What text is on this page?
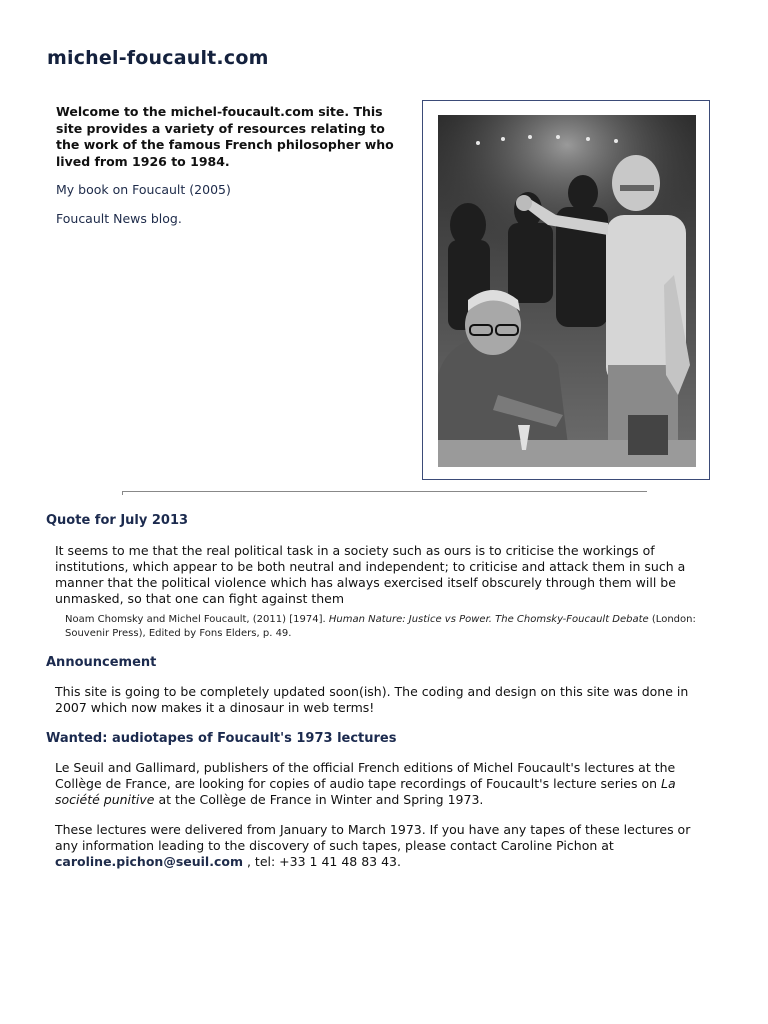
michel-foucault.com

Welcome to the michel-foucault.com site. This site provides a variety of resources relating to the work of the famous French philosopher who lived from 1926 to 1984.

My book on Foucault (2005)

Foucault News blog.

Quote for July 2013

It seems to me that the real political task in a society such as ours is to criticise the workings of institutions, which appear to be both neutral and independent; to criticise and attack them in such a manner that the political violence which has always exercised itself obscurely through them will be unmasked, so that one can fight against them

Noam Chomsky and Michel Foucault, (2011) [1974]. Human Nature: Justice vs Power. The Chomsky-Foucault Debate (London: Souvenir Press), Edited by Fons Elders, p. 49.
Announcement

This site is going to be completely updated soon(ish). The coding and design on this site was done in 2007 which now makes it a dinosaur in web terms!

Wanted: audiotapes of Foucault's 1973 lectures

Le Seuil and Gallimard, publishers of the official French editions of Michel Foucault's lectures at the Collège de France, are looking for copies of audio tape recordings of Foucault's lecture series on La société punitive at the Collège de France in Winter and Spring 1973.

These lectures were delivered from January to March 1973. If you have any tapes of these lectures or any information leading to the discovery of such tapes, please contact Caroline Pichon at caroline.pichon@seuil.com , tel: +33 1 41 48 83 43.
